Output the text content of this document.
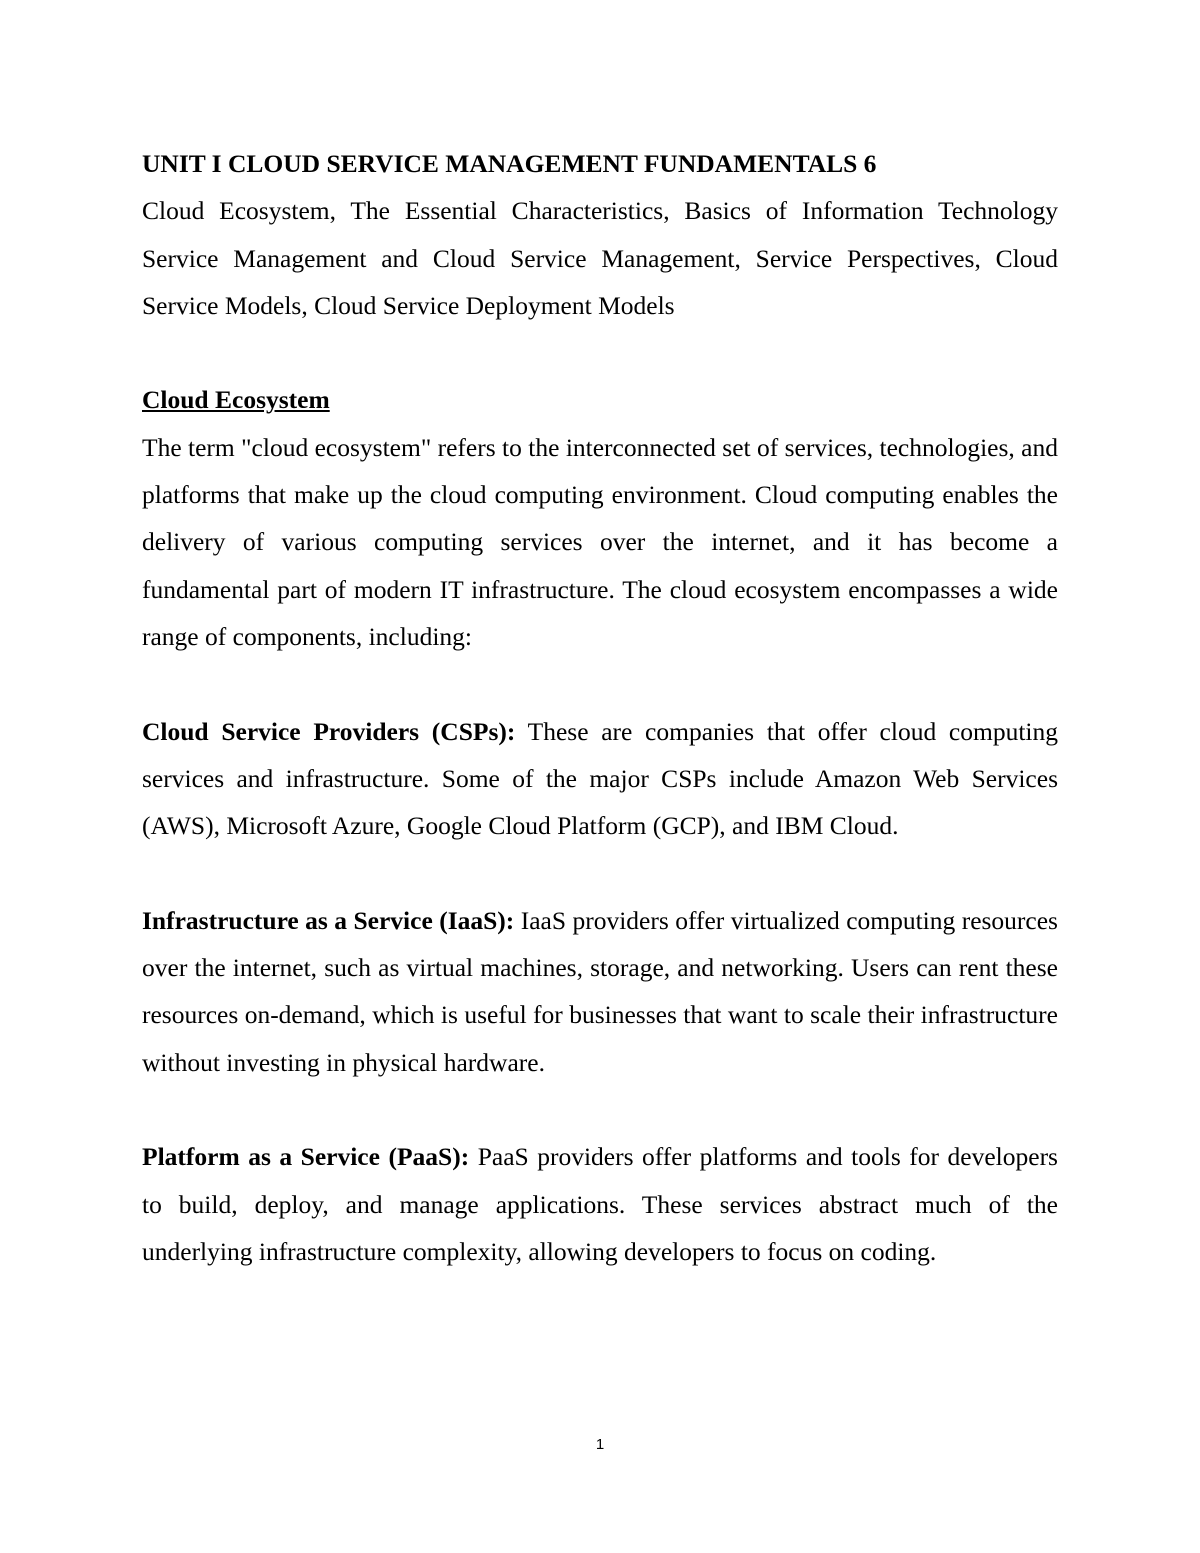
UNIT I CLOUD SERVICE MANAGEMENT FUNDAMENTALS 6

Cloud Ecosystem, The Essential Characteristics, Basics of Information Technology Service Management and Cloud Service Management, Service Perspectives, Cloud Service Models, Cloud Service Deployment Models

Cloud Ecosystem

The term "cloud ecosystem" refers to the interconnected set of services, technologies, and platforms that make up the cloud computing environment. Cloud computing enables the delivery of various computing services over the internet, and it has become a fundamental part of modern IT infrastructure. The cloud ecosystem encompasses a wide range of components, including:

Cloud Service Providers (CSPs): These are companies that offer cloud computing services and infrastructure. Some of the major CSPs include Amazon Web Services (AWS), Microsoft Azure, Google Cloud Platform (GCP), and IBM Cloud.

Infrastructure as a Service (IaaS): IaaS providers offer virtualized computing resources over the internet, such as virtual machines, storage, and networking. Users can rent these resources on-demand, which is useful for businesses that want to scale their infrastructure without investing in physical hardware.

Platform as a Service (PaaS): PaaS providers offer platforms and tools for developers to build, deploy, and manage applications. These services abstract much of the underlying infrastructure complexity, allowing developers to focus on coding.

1
